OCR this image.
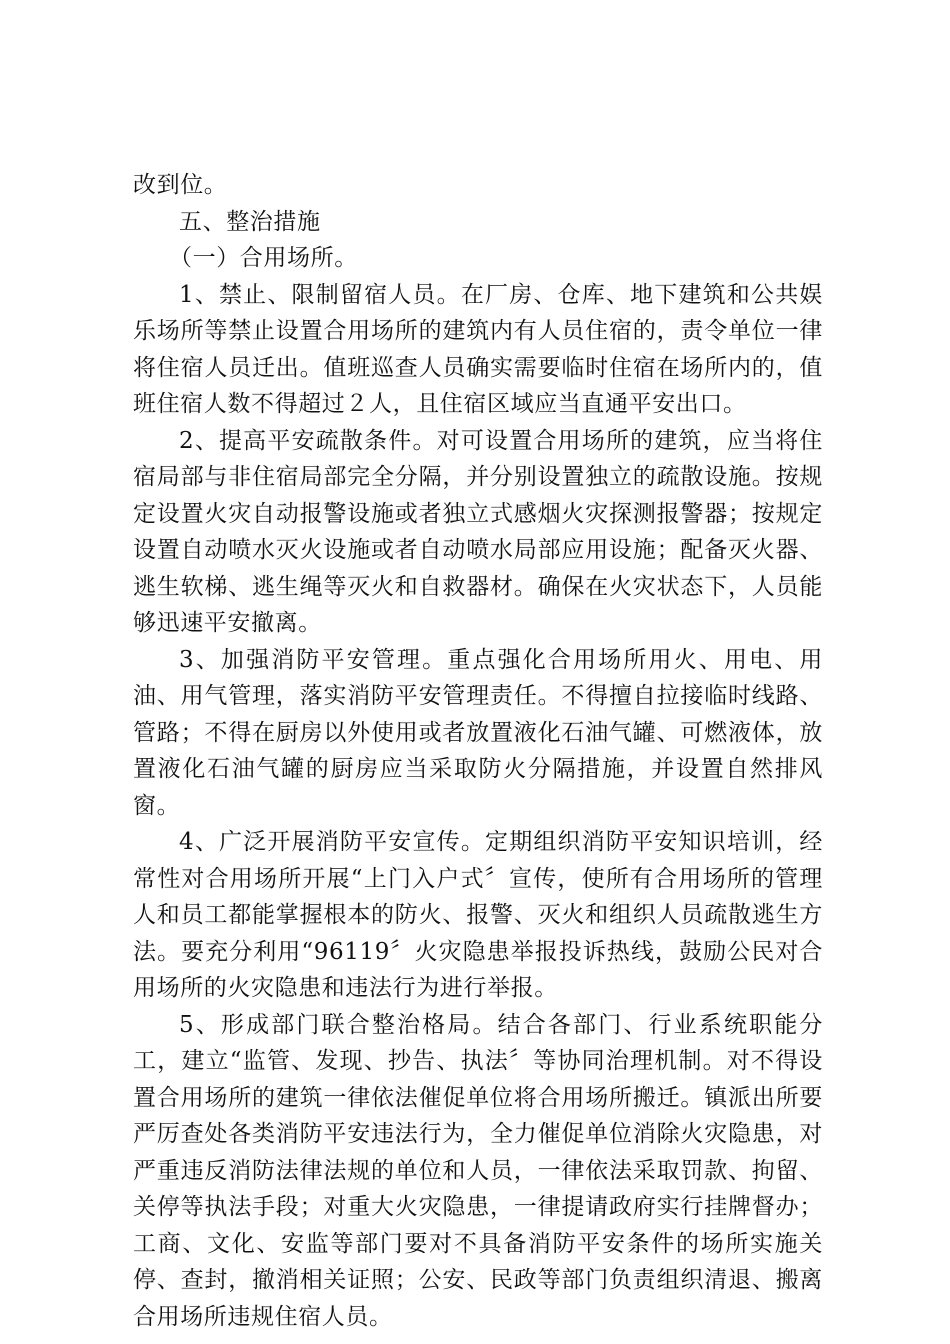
改到位。

五、整治措施

（一）合用场所。

1、禁止、限制留宿人员。在厂房、仓库、地下建筑和公共娱乐场所等禁止设置合用场所的建筑内有人员住宿的，责令单位一律将住宿人员迁出。值班巡查人员确实需要临时住宿在场所内的，值班住宿人数不得超过２人，且住宿区域应当直通平安出口。

2、提高平安疏散条件。对可设置合用场所的建筑，应当将住宿局部与非住宿局部完全分隔，并分别设置独立的疏散设施。按规定设置火灾自动报警设施或者独立式感烟火灾探测报警器；按规定设置自动喷水灭火设施或者自动喷水局部应用设施；配备灭火器、逃生软梯、逃生绳等灭火和自救器材。确保在火灾状态下，人员能够迅速平安撤离。

3、加强消防平安管理。重点强化合用场所用火、用电、用油、用气管理，落实消防平安管理责任。不得擅自拉接临时线路、管路；不得在厨房以外使用或者放置液化石油气罐、可燃液体，放置液化石油气罐的厨房应当采取防火分隔措施，并设置自然排风窗。

4、广泛开展消防平安宣传。定期组织消防平安知识培训，经常性对合用场所开展“上门入户式〞宣传，使所有合用场所的管理人和员工都能掌握根本的防火、报警、灭火和组织人员疏散逃生方法。要充分利用“96119〞火灾隐患举报投诉热线，鼓励公民对合用场所的火灾隐患和违法行为进行举报。

5、形成部门联合整治格局。结合各部门、行业系统职能分工，建立“监管、发现、抄告、执法〞等协同治理机制。对不得设置合用场所的建筑一律依法催促单位将合用场所搬迁。镇派出所要严厉查处各类消防平安违法行为，全力催促单位消除火灾隐患，对严重违反消防法律法规的单位和人员，一律依法采取罚款、拘留、关停等执法手段；对重大火灾隐患，一律提请政府实行挂牌督办；工商、文化、安监等部门要对不具备消防平安条件的场所实施关停、查封，撤消相关证照；公安、民政等部门负责组织清退、搬离合用场所违规住宿人员。
